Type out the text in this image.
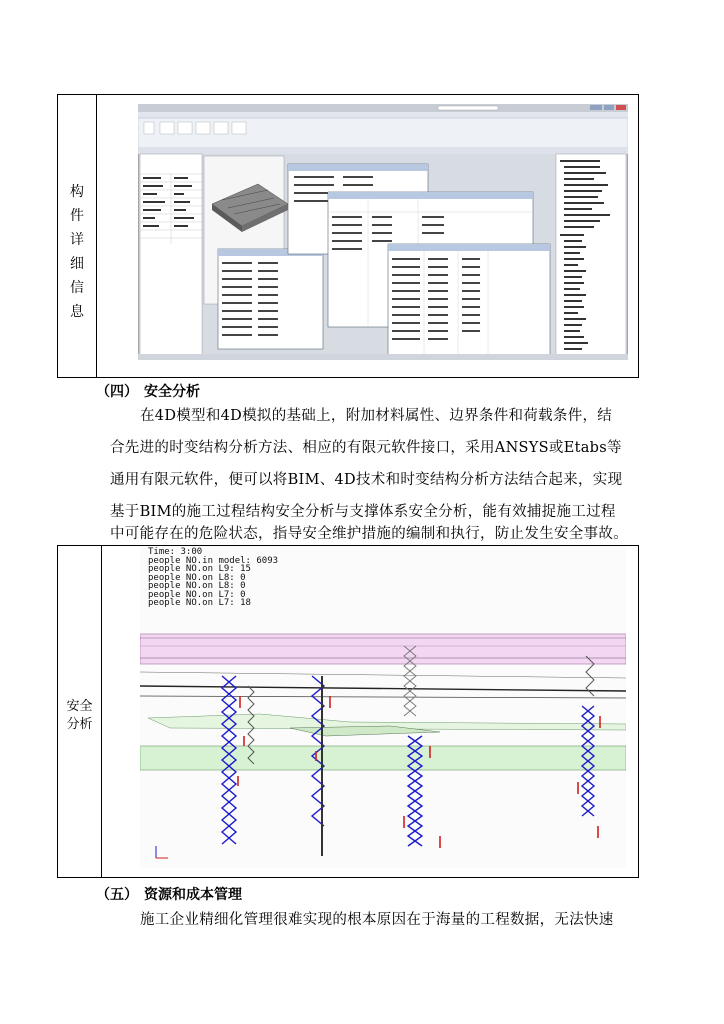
构
件
详
细
信
息
（四） 安全分析
在4D模型和4D模拟的基础上，附加材料属性、边界条件和荷载条件，结
合先进的时变结构分析方法、相应的有限元软件接口，采用ANSYS或Etabs等
通用有限元软件，便可以将BIM、4D技术和时变结构分析方法结合起来，实现
基于BIM的施工过程结构安全分析与支撑体系安全分析，能有效捕捉施工过程
中可能存在的危险状态，指导安全维护措施的编制和执行，防止发生安全事故。
安全
分析
Time: 3:00
people NO.in model: 6093
people NO.on L9: 15
people NO.on L8: 0
people NO.on L8: 0
people NO.on L7: 0
people NO.on L7: 18
（五） 资源和成本管理
施工企业精细化管理很难实现的根本原因在于海量的工程数据，无法快速
